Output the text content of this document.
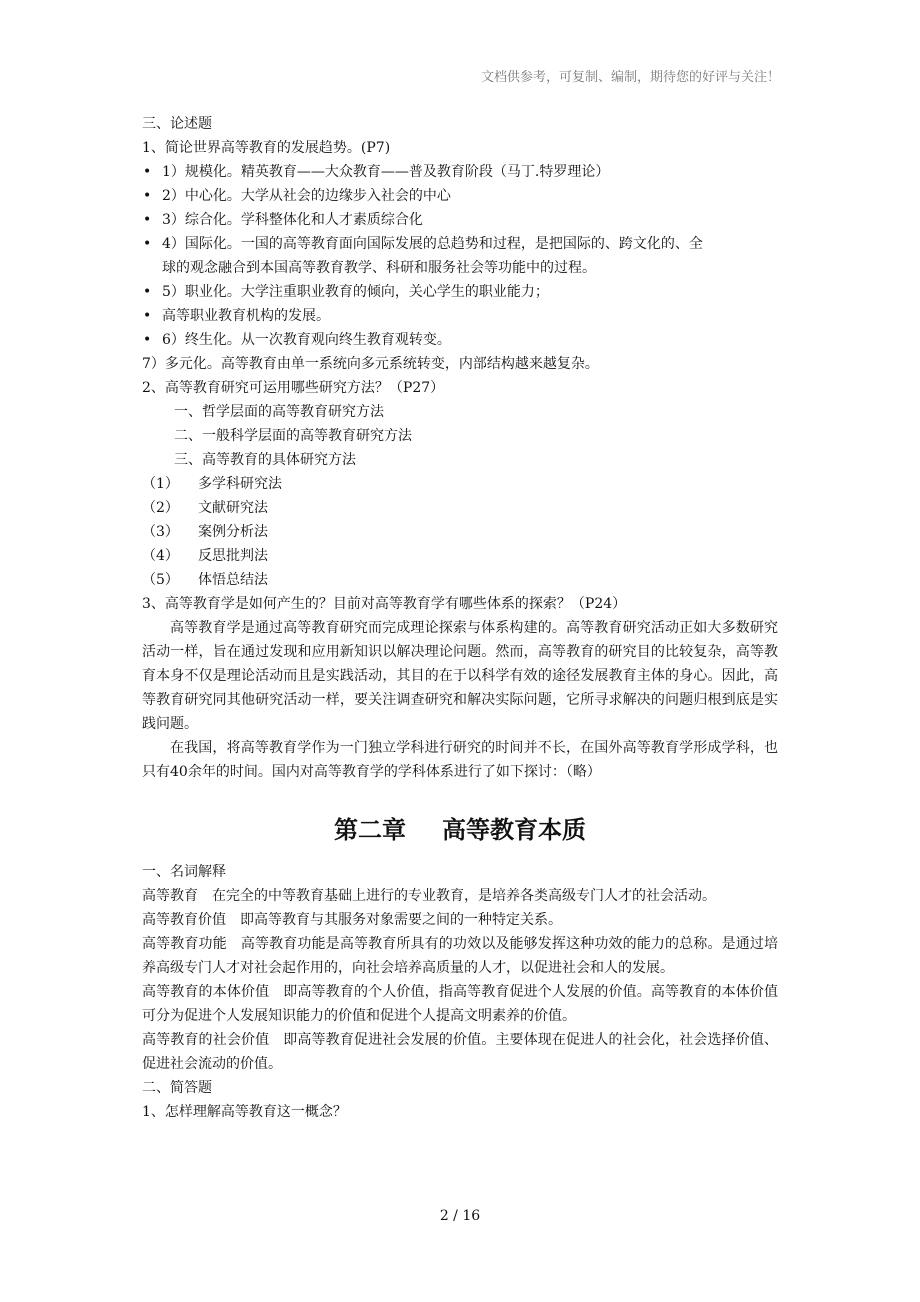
文档供参考，可复制、编制，期待您的好评与关注！
三、论述题
1、简论世界高等教育的发展趋势。(P7)
• 1）规模化。精英教育——大众教育——普及教育阶段（马丁.特罗理论）
• 2）中心化。大学从社会的边缘步入社会的中心
• 3）综合化。学科整体化和人才素质综合化
• 4）国际化。一国的高等教育面向国际发展的总趋势和过程，是把国际的、跨文化的、全
球的观念融合到本国高等教育教学、科研和服务社会等功能中的过程。
• 5）职业化。大学注重职业教育的倾向，关心学生的职业能力；
• 高等职业教育机构的发展。
• 6）终生化。从一次教育观向终生教育观转变。
7）多元化。高等教育由单一系统向多元系统转变，内部结构越来越复杂。
2、高等教育研究可运用哪些研究方法？（P27）
一、哲学层面的高等教育研究方法
二、一般科学层面的高等教育研究方法
三、高等教育的具体研究方法
（1） 多学科研究法
（2） 文献研究法
（3） 案例分析法
（4） 反思批判法
（5） 体悟总结法
3、高等教育学是如何产生的？目前对高等教育学有哪些体系的探索？（P24）
高等教育学是通过高等教育研究而完成理论探索与体系构建的。高等教育研究活动正如大多数研究活动一样，旨在通过发现和应用新知识以解决理论问题。然而，高等教育的研究目的比较复杂，高等教育本身不仅是理论活动而且是实践活动，其目的在于以科学有效的途径发展教育主体的身心。因此，高等教育研究同其他研究活动一样，要关注调查研究和解决实际问题，它所寻求解决的问题归根到底是实践问题。
在我国，将高等教育学作为一门独立学科进行研究的时间并不长，在国外高等教育学形成学科，也只有40余年的时间。国内对高等教育学的学科体系进行了如下探讨：（略）
第二章 高等教育本质
一、名词解释
高等教育 在完全的中等教育基础上进行的专业教育，是培养各类高级专门人才的社会活动。
高等教育价值 即高等教育与其服务对象需要之间的一种特定关系。
高等教育功能 高等教育功能是高等教育所具有的功效以及能够发挥这种功效的能力的总称。是通过培养高级专门人才对社会起作用的，向社会培养高质量的人才，以促进社会和人的发展。
高等教育的本体价值 即高等教育的个人价值，指高等教育促进个人发展的价值。高等教育的本体价值可分为促进个人发展知识能力的价值和促进个人提高文明素养的价值。
高等教育的社会价值 即高等教育促进社会发展的价值。主要体现在促进人的社会化，社会选择价值、促进社会流动的价值。
二、简答题
1、怎样理解高等教育这一概念？
2 / 16
